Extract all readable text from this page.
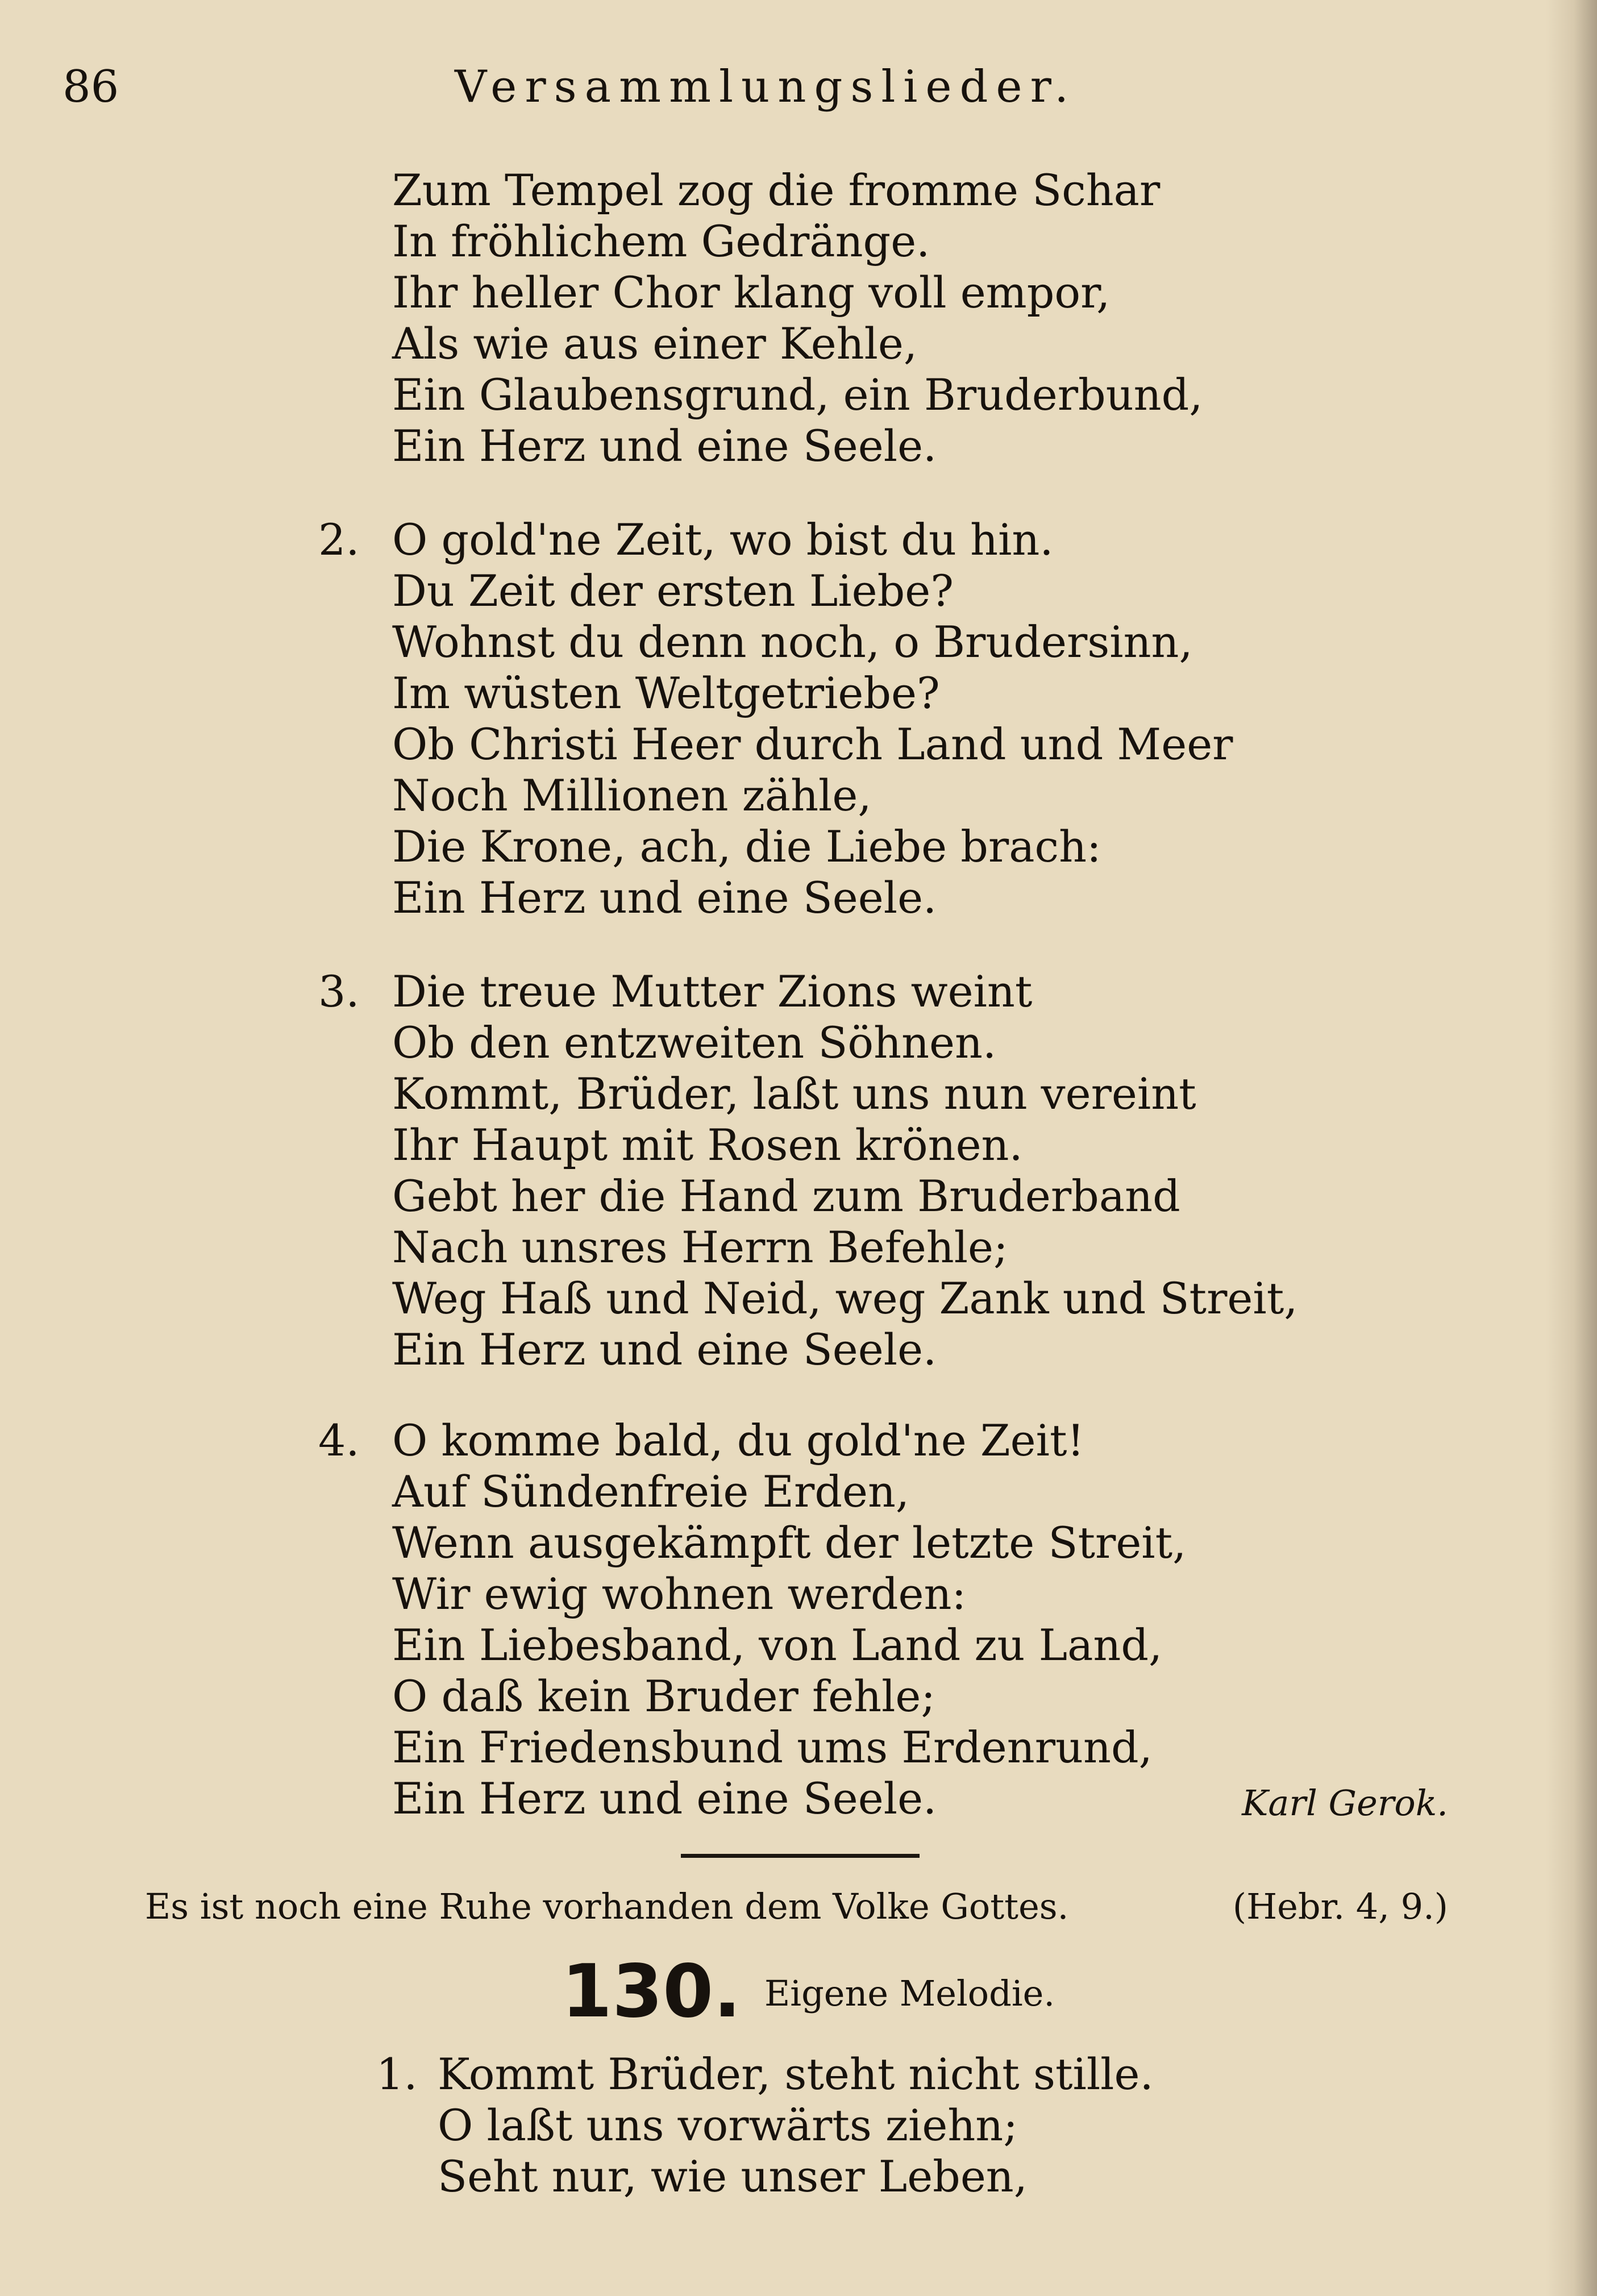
86	Versammlungslieder.
Zum Tempel zog die fromme Schar
In fröhlichem Gedränge.
Ihr heller Chor klang voll empor,
Als wie aus einer Kehle,
Ein Glaubensgrund, ein Bruderbund,
Ein Herz und eine Seele.
2. O gold'ne Zeit, wo bist du hin.
Du Zeit der ersten Liebe?
Wohnst du denn noch, o Brudersinn,
Im wüsten Weltgetriebe?
Ob Christi Heer durch Land und Meer
Noch Millionen zähle,
Die Krone, ach, die Liebe brach:
Ein Herz und eine Seele.
3. Die treue Mutter Zions weint
Ob den entzweiten Söhnen.
Kommt, Brüder, laßt uns nun vereint
Ihr Haupt mit Rosen krönen.
Gebt her die Hand zum Bruderband
Nach unsres Herrn Befehle;
Weg Haß und Neid, weg Zank und Streit,
Ein Herz und eine Seele.
4. O komme bald, du gold'ne Zeit!
Auf Sündenfreie Erden,
Wenn ausgekämpft der letzte Streit,
Wir ewig wohnen werden:
Ein Liebesband, von Land zu Land,
O daß kein Bruder fehle;
Ein Friedensbund ums Erdenrund,
Ein Herz und eine Seele.	Karl Gerok.
Es ist noch eine Ruhe vorhanden dem Volke Gottes.	(Hebr. 4, 9.)
130. Eigene Melodie.
1. Kommt Brüder, steht nicht stille.
O laßt uns vorwärts ziehn;
Seht nur, wie unser Leben,
